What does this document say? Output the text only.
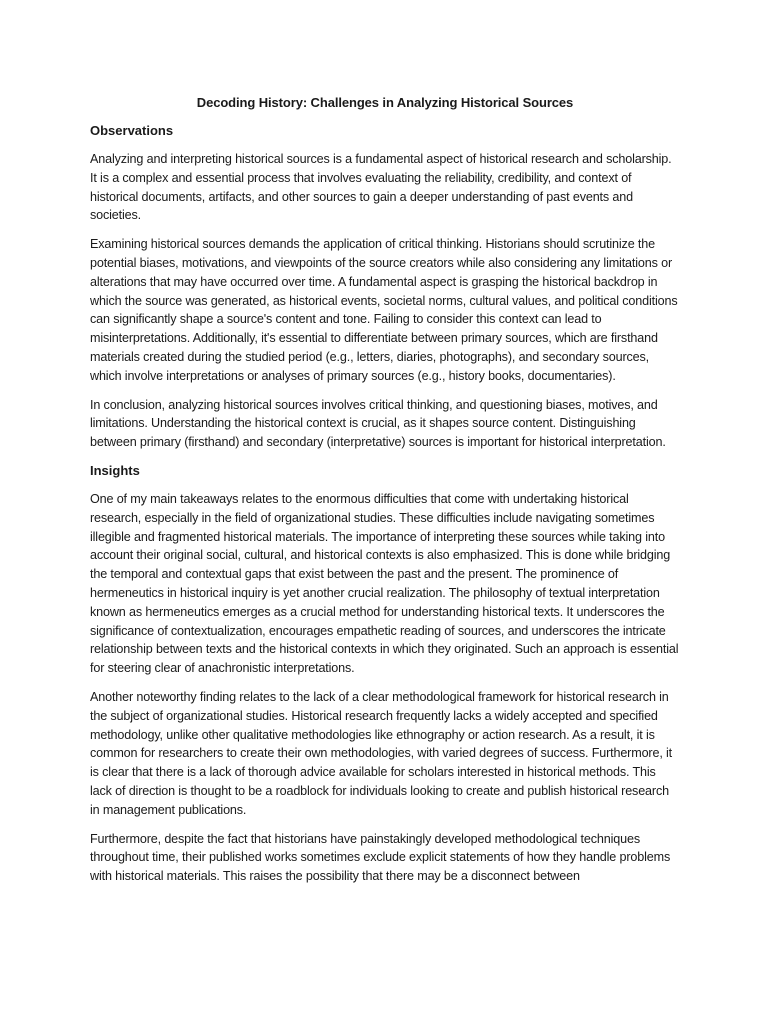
Decoding History: Challenges in Analyzing Historical Sources
Observations

Analyzing and interpreting historical sources is a fundamental aspect of historical research and scholarship. It is a complex and essential process that involves evaluating the reliability, credibility, and context of historical documents, artifacts, and other sources to gain a deeper understanding of past events and societies.

Examining historical sources demands the application of critical thinking. Historians should scrutinize the potential biases, motivations, and viewpoints of the source creators while also considering any limitations or alterations that may have occurred over time. A fundamental aspect is grasping the historical backdrop in which the source was generated, as historical events, societal norms, cultural values, and political conditions can significantly shape a source's content and tone. Failing to consider this context can lead to misinterpretations. Additionally, it's essential to differentiate between primary sources, which are firsthand materials created during the studied period (e.g., letters, diaries, photographs), and secondary sources, which involve interpretations or analyses of primary sources (e.g., history books, documentaries).

In conclusion, analyzing historical sources involves critical thinking, and questioning biases, motives, and limitations. Understanding the historical context is crucial, as it shapes source content. Distinguishing between primary (firsthand) and secondary (interpretative) sources is important for historical interpretation.

Insights

One of my main takeaways relates to the enormous difficulties that come with undertaking historical research, especially in the field of organizational studies. These difficulties include navigating sometimes illegible and fragmented historical materials. The importance of interpreting these sources while taking into account their original social, cultural, and historical contexts is also emphasized. This is done while bridging the temporal and contextual gaps that exist between the past and the present. The prominence of hermeneutics in historical inquiry is yet another crucial realization. The philosophy of textual interpretation known as hermeneutics emerges as a crucial method for understanding historical texts. It underscores the significance of contextualization, encourages empathetic reading of sources, and underscores the intricate relationship between texts and the historical contexts in which they originated. Such an approach is essential for steering clear of anachronistic interpretations.

Another noteworthy finding relates to the lack of a clear methodological framework for historical research in the subject of organizational studies. Historical research frequently lacks a widely accepted and specified methodology, unlike other qualitative methodologies like ethnography or action research. As a result, it is common for researchers to create their own methodologies, with varied degrees of success. Furthermore, it is clear that there is a lack of thorough advice available for scholars interested in historical methods. This lack of direction is thought to be a roadblock for individuals looking to create and publish historical research in management publications.

Furthermore, despite the fact that historians have painstakingly developed methodological techniques throughout time, their published works sometimes exclude explicit statements of how they handle problems with historical materials. This raises the possibility that there may be a disconnect between
